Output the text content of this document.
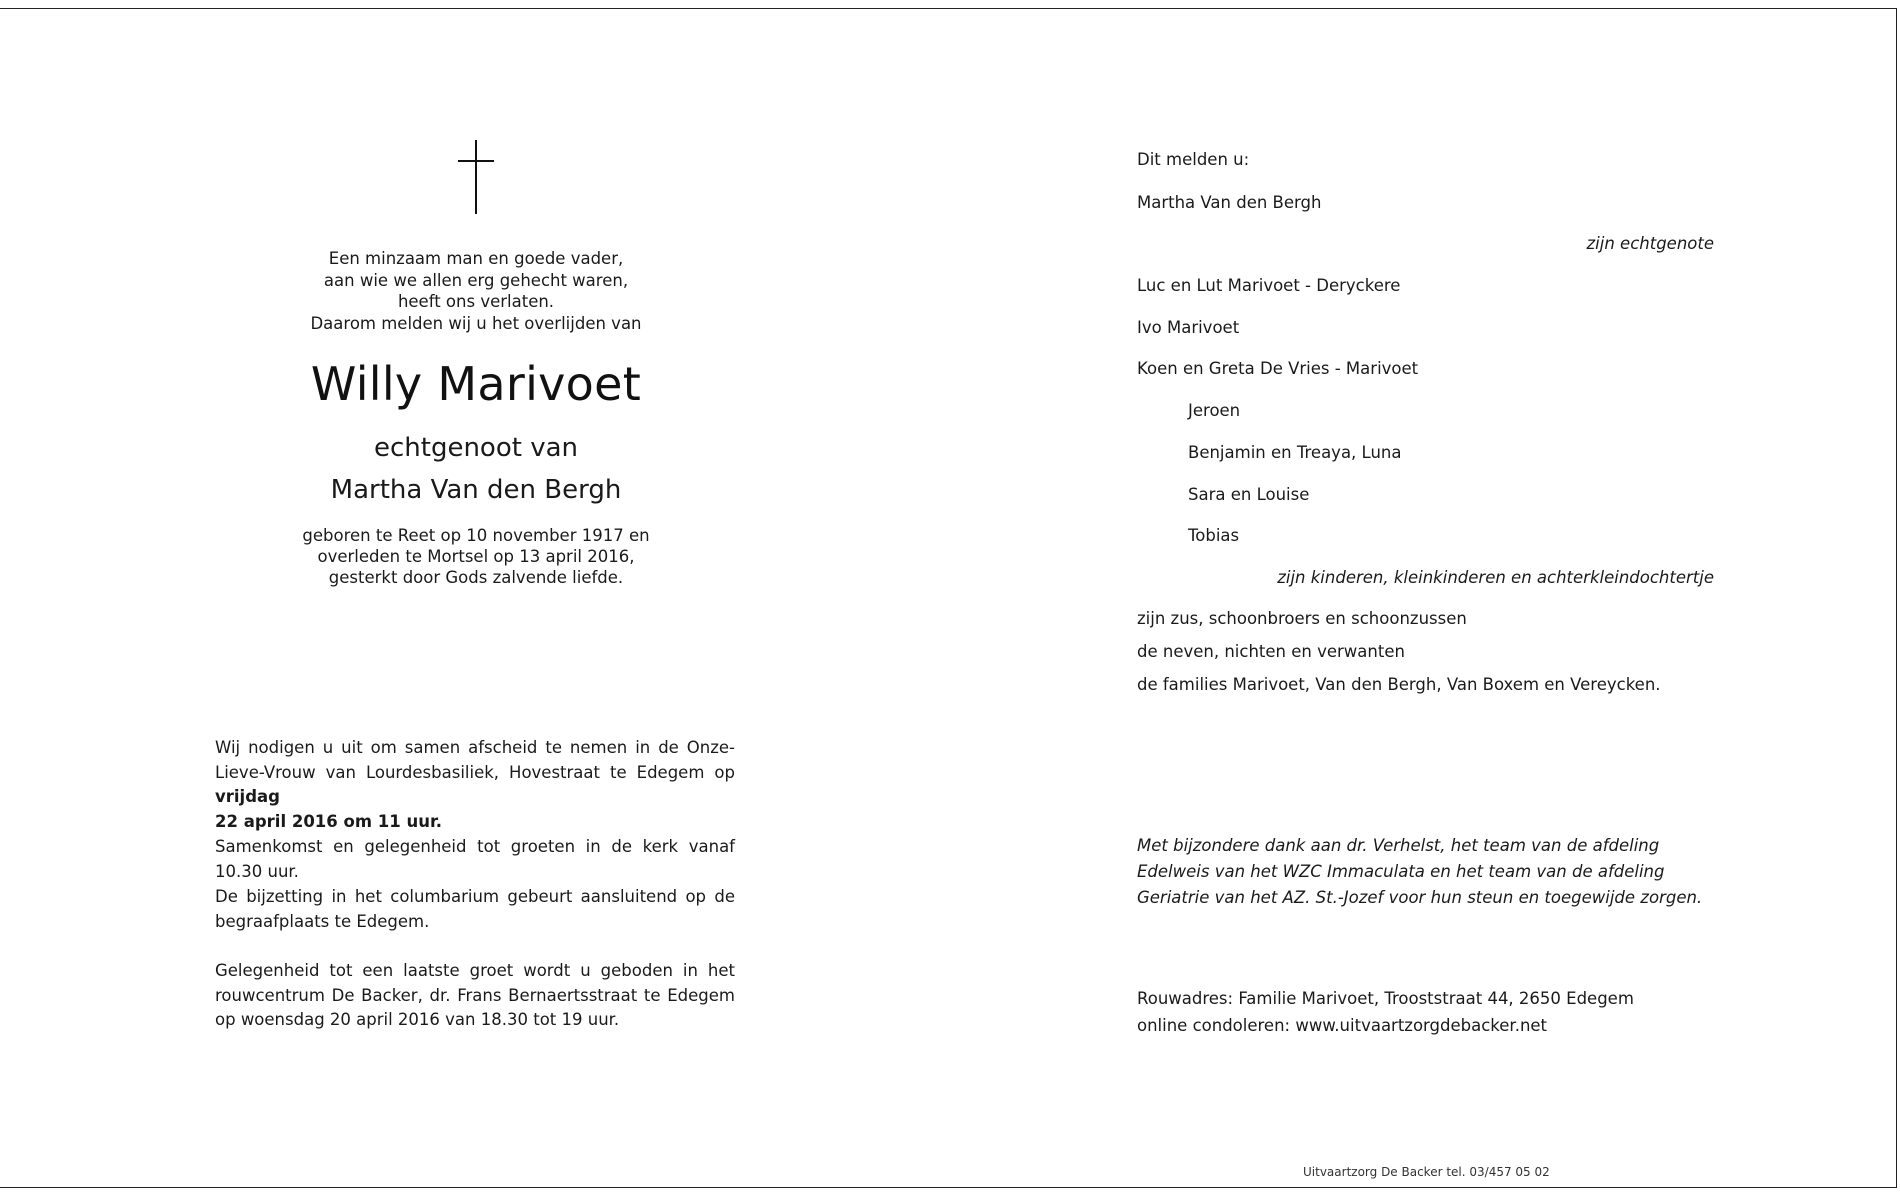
Een minzaam man en goede vader,
aan wie we allen erg gehecht waren,
heeft ons verlaten.
Daarom melden wij u het overlijden van
Willy Marivoet
echtgenoot van
Martha Van den Bergh
geboren te Reet op 10 november 1917 en
overleden te Mortsel op 13 april 2016,
gesterkt door Gods zalvende liefde.
Wij nodigen u uit om samen afscheid te nemen in de Onze-Lieve-Vrouw van Lourdesbasiliek, Hovestraat te Edegem op vrijdag
22 april 2016 om 11 uur.
Samenkomst en gelegenheid tot groeten in de kerk vanaf 10.30 uur.
De bijzetting in het columbarium gebeurt aansluitend op de begraafplaats te Edegem.
Gelegenheid tot een laatste groet wordt u geboden in het rouwcentrum De Backer, dr. Frans Bernaertsstraat te Edegem op woensdag 20 april 2016 van 18.30 tot 19 uur.
Dit melden u:
Martha Van den Bergh
zijn echtgenote
Luc en Lut Marivoet - Deryckere
Ivo Marivoet
Koen en Greta De Vries - Marivoet
Jeroen
Benjamin en Treaya, Luna
Sara en Louise
Tobias
zijn kinderen, kleinkinderen en achterkleindochtertje
zijn zus, schoonbroers en schoonzussen
de neven, nichten en verwanten
de families Marivoet, Van den Bergh, Van Boxem en Vereycken.
Met bijzondere dank aan dr. Verhelst, het team van de afdeling Edelweis van het WZC Immaculata en het team van de afdeling Geriatrie van het AZ. St.-Jozef voor hun steun en toegewijde zorgen.
Rouwadres: Familie Marivoet, Trooststraat 44, 2650 Edegem
online condoleren: www.uitvaartzorgdebacker.net
Uitvaartzorg De Backer tel. 03/457 05 02
